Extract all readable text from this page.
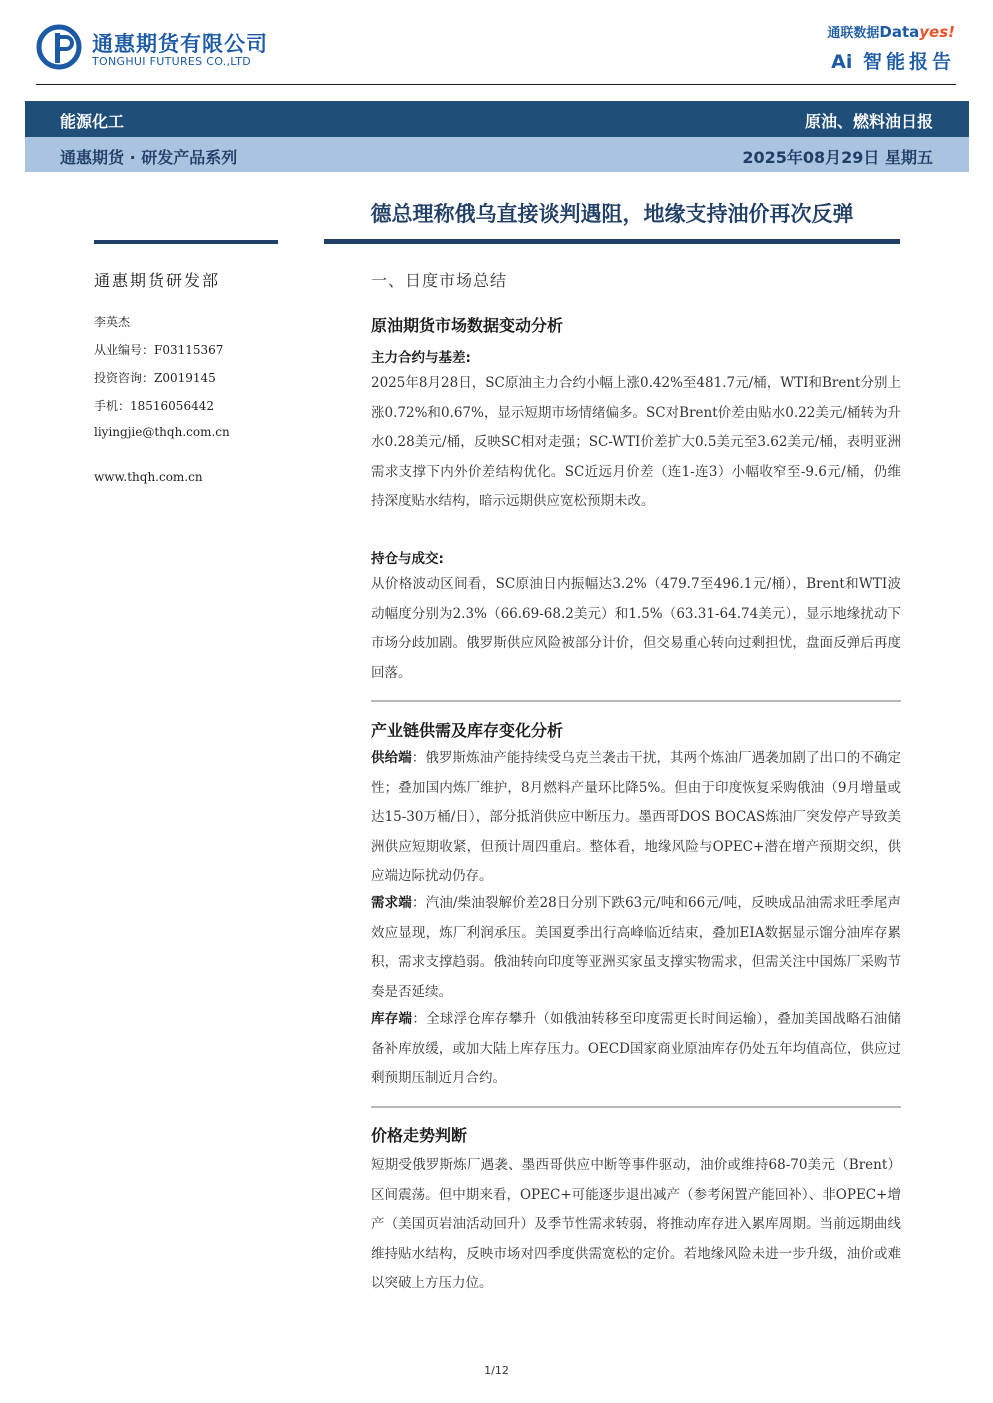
通惠期货有限公司
TONGHUI FUTURES CO.,LTD
通联数据Datayes!
Ai 智能报告
能源化工	原油、燃料油日报
通惠期货 · 研发产品系列	2025年08月29日 星期五
德总理称俄乌直接谈判遇阻，地缘支持油价再次反弹
通惠期货研发部
李英杰
从业编号：F03115367
投资咨询：Z0019145
手机：18516056442
liyingjie@thqh.com.cn
www.thqh.com.cn
一、日度市场总结
原油期货市场数据变动分析
主力合约与基差:
2025年8月28日，SC原油主力合约小幅上涨0.42%至481.7元/桶，WTI和Brent分别上涨0.72%和0.67%，显示短期市场情绪偏多。SC对Brent价差由贴水0.22美元/桶转为升水0.28美元/桶，反映SC相对走强；SC-WTI价差扩大0.5美元至3.62美元/桶，表明亚洲需求支撑下内外价差结构优化。SC近远月价差（连1-连3）小幅收窄至-9.6元/桶，仍维持深度贴水结构，暗示远期供应宽松预期未改。
持仓与成交:
从价格波动区间看，SC原油日内振幅达3.2%（479.7至496.1元/桶），Brent和WTI波动幅度分别为2.3%（66.69-68.2美元）和1.5%（63.31-64.74美元），显示地缘扰动下市场分歧加剧。俄罗斯供应风险被部分计价，但交易重心转向过剩担忧，盘面反弹后再度回落。
产业链供需及库存变化分析
供给端：俄罗斯炼油产能持续受乌克兰袭击干扰，其两个炼油厂遇袭加剧了出口的不确定性；叠加国内炼厂维护，8月燃料产量环比降5%。但由于印度恢复采购俄油（9月增量或达15-30万桶/日），部分抵消供应中断压力。墨西哥DOS BOCAS炼油厂突发停产导致美洲供应短期收紧，但预计周四重启。整体看，地缘风险与OPEC+潜在增产预期交织，供应端边际扰动仍存。
需求端：汽油/柴油裂解价差28日分别下跌63元/吨和66元/吨，反映成品油需求旺季尾声效应显现，炼厂利润承压。美国夏季出行高峰临近结束，叠加EIA数据显示馏分油库存累积，需求支撑趋弱。俄油转向印度等亚洲买家虽支撑实物需求，但需关注中国炼厂采购节奏是否延续。
库存端：全球浮仓库存攀升（如俄油转移至印度需更长时间运输），叠加美国战略石油储备补库放缓，或加大陆上库存压力。OECD国家商业原油库存仍处五年均值高位，供应过剩预期压制近月合约。
价格走势判断
短期受俄罗斯炼厂遇袭、墨西哥供应中断等事件驱动，油价或维持68-70美元（Brent）区间震荡。但中期来看，OPEC+可能逐步退出减产（参考闲置产能回补）、非OPEC+增产（美国页岩油活动回升）及季节性需求转弱，将推动库存进入累库周期。当前远期曲线维持贴水结构，反映市场对四季度供需宽松的定价。若地缘风险未进一步升级，油价或难以突破上方压力位。
1/12
